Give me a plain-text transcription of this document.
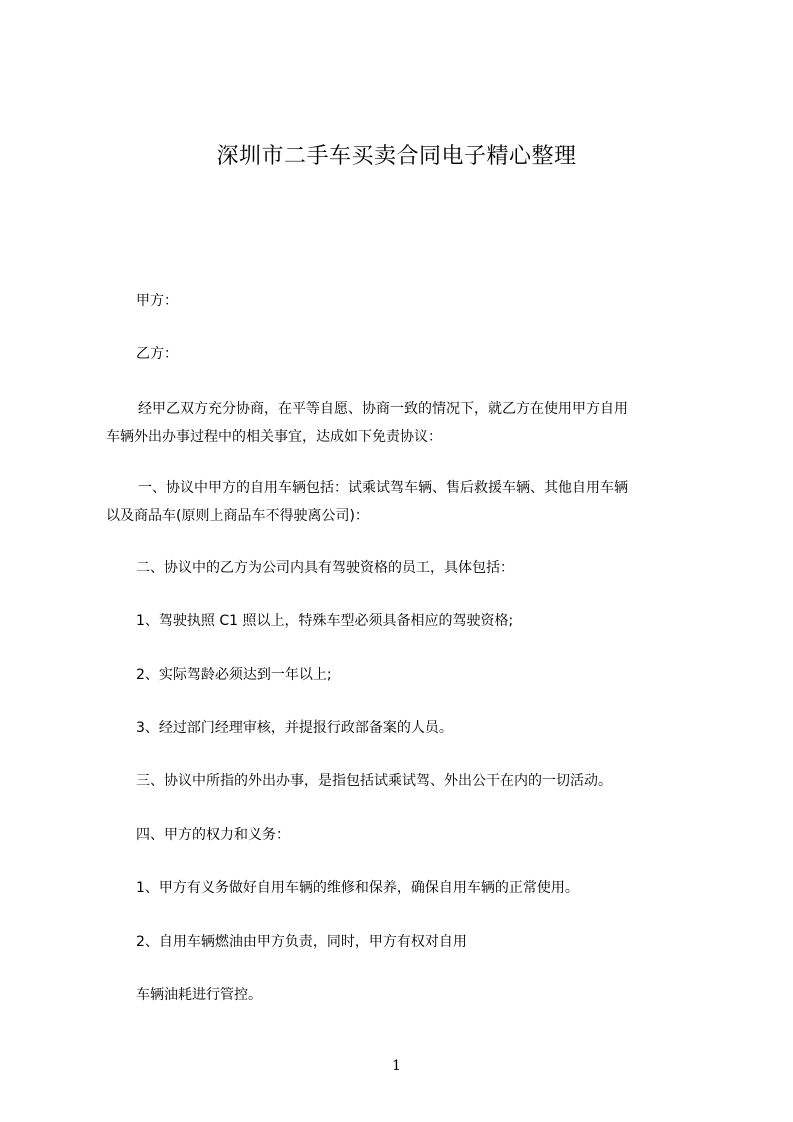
深圳市二手车买卖合同电子精心整理
甲方：
乙方：
经甲乙双方充分协商，在平等自愿、协商一致的情况下，就乙方在使用甲方自用
车辆外出办事过程中的相关事宜，达成如下免责协议：
一、协议中甲方的自用车辆包括：试乘试驾车辆、售后救援车辆、其他自用车辆
以及商品车(原则上商品车不得驶离公司)：
二、协议中的乙方为公司内具有驾驶资格的员工，具体包括：
1、驾驶执照 C1 照以上，特殊车型必须具备相应的驾驶资格;
2、实际驾龄必须达到一年以上;
3、经过部门经理审核，并提报行政部备案的人员。
三、协议中所指的外出办事，是指包括试乘试驾、外出公干在内的一切活动。
四、甲方的权力和义务：
1、甲方有义务做好自用车辆的维修和保养，确保自用车辆的正常使用。
2、自用车辆燃油由甲方负责，同时，甲方有权对自用
车辆油耗进行管控。
1
